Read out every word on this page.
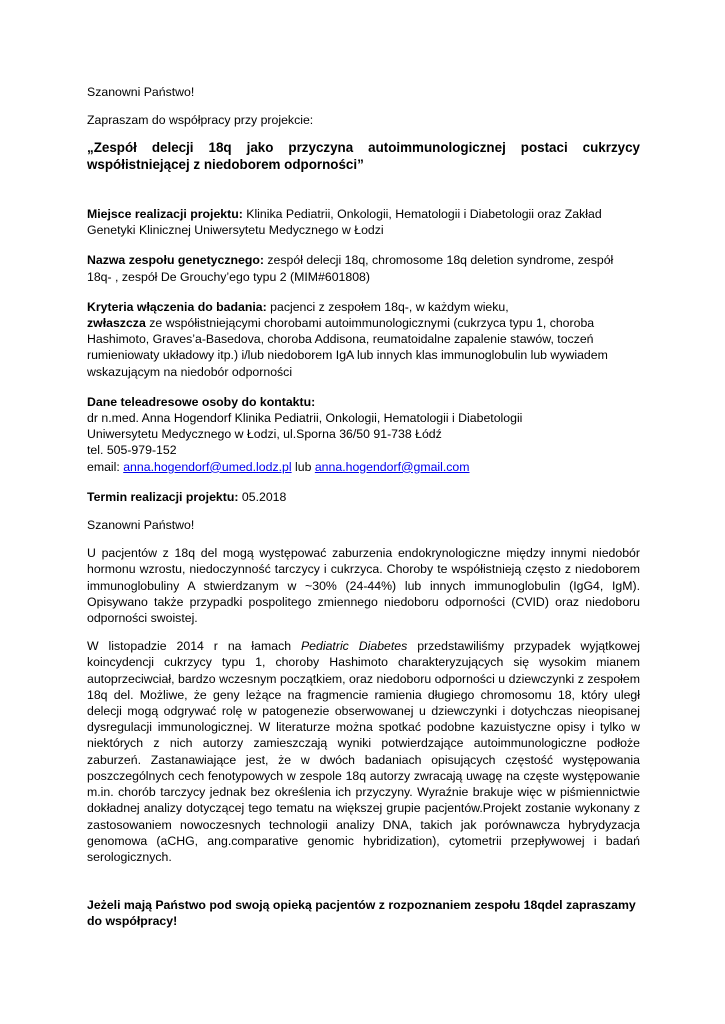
Szanowni Państwo!

Zapraszam do współpracy przy projekcie:

„Zespół delecji 18q jako przyczyna autoimmunologicznej postaci cukrzycy współistniejącej z niedoborem odporności”

Miejsce realizacji projektu: Klinika Pediatrii, Onkologii, Hematologii i Diabetologii oraz Zakład Genetyki Klinicznej Uniwersytetu Medycznego w Łodzi

Nazwa zespołu genetycznego: zespół delecji 18q, chromosome 18q deletion syndrome, zespół 18q- , zespół De Grouchy’ego typu 2 (MIM#601808)

Kryteria włączenia do badania: pacjenci z zespołem 18q-, w każdym wieku,
zwłaszcza ze współistniejącymi chorobami autoimmunologicznymi (cukrzyca typu 1, choroba Hashimoto, Graves’a-Basedova, choroba Addisona, reumatoidalne zapalenie stawów, toczeń rumieniowaty układowy itp.) i/lub niedoborem IgA lub innych klas immunoglobulin lub wywiadem wskazującym na niedobór odporności

Dane teleadresowe osoby do kontaktu:
dr n.med. Anna Hogendorf Klinika Pediatrii, Onkologii, Hematologii i Diabetologii
Uniwersytetu Medycznego w Łodzi, ul.Sporna 36/50 91-738 Łódź
tel. 505-979-152
email: anna.hogendorf@umed.lodz.pl lub anna.hogendorf@gmail.com

Termin realizacji projektu: 05.2018

Szanowni Państwo!

U pacjentów z 18q del mogą występować zaburzenia endokrynologiczne między innymi niedobór hormonu wzrostu, niedoczynność tarczycy i cukrzyca. Choroby te współistnieją często z niedoborem immunoglobuliny A stwierdzanym w ~30% (24-44%) lub innych immunoglobulin (IgG4, IgM). Opisywano także przypadki pospolitego zmiennego niedoboru odporności (CVID) oraz niedoboru odporności swoistej.

W listopadzie 2014 r na łamach Pediatric Diabetes przedstawiliśmy przypadek wyjątkowej koincydencji cukrzycy typu 1, choroby Hashimoto charakteryzujących się wysokim mianem autoprzeciwciał, bardzo wczesnym początkiem, oraz niedoboru odporności u dziewczynki z zespołem 18q del. Możliwe, że geny leżące na fragmencie ramienia długiego chromosomu 18, który uległ delecji mogą odgrywać rolę w patogenezie obserwowanej u dziewczynki i dotychczas nieopisanej dysregulacji immunologicznej. W literaturze można spotkać podobne kazuistyczne opisy i tylko w niektórych z nich autorzy zamieszczają wyniki potwierdzające autoimmunologiczne podłoże zaburzeń. Zastanawiające jest, że w dwóch badaniach opisujących częstość występowania poszczególnych cech fenotypowych w zespole 18q autorzy zwracają uwagę na częste występowanie m.in. chorób tarczycy jednak bez określenia ich przyczyny. Wyraźnie brakuje więc w piśmiennictwie dokładnej analizy dotyczącej tego tematu na większej grupie pacjentów.Projekt zostanie wykonany z zastosowaniem nowoczesnych technologii analizy DNA, takich jak porównawcza hybrydyzacja genomowa (aCHG, ang.comparative genomic hybridization), cytometrii przepływowej i badań serologicznych.

Jeżeli mają Państwo pod swoją opieką pacjentów z rozpoznaniem zespołu 18qdel zapraszamy do współpracy!
